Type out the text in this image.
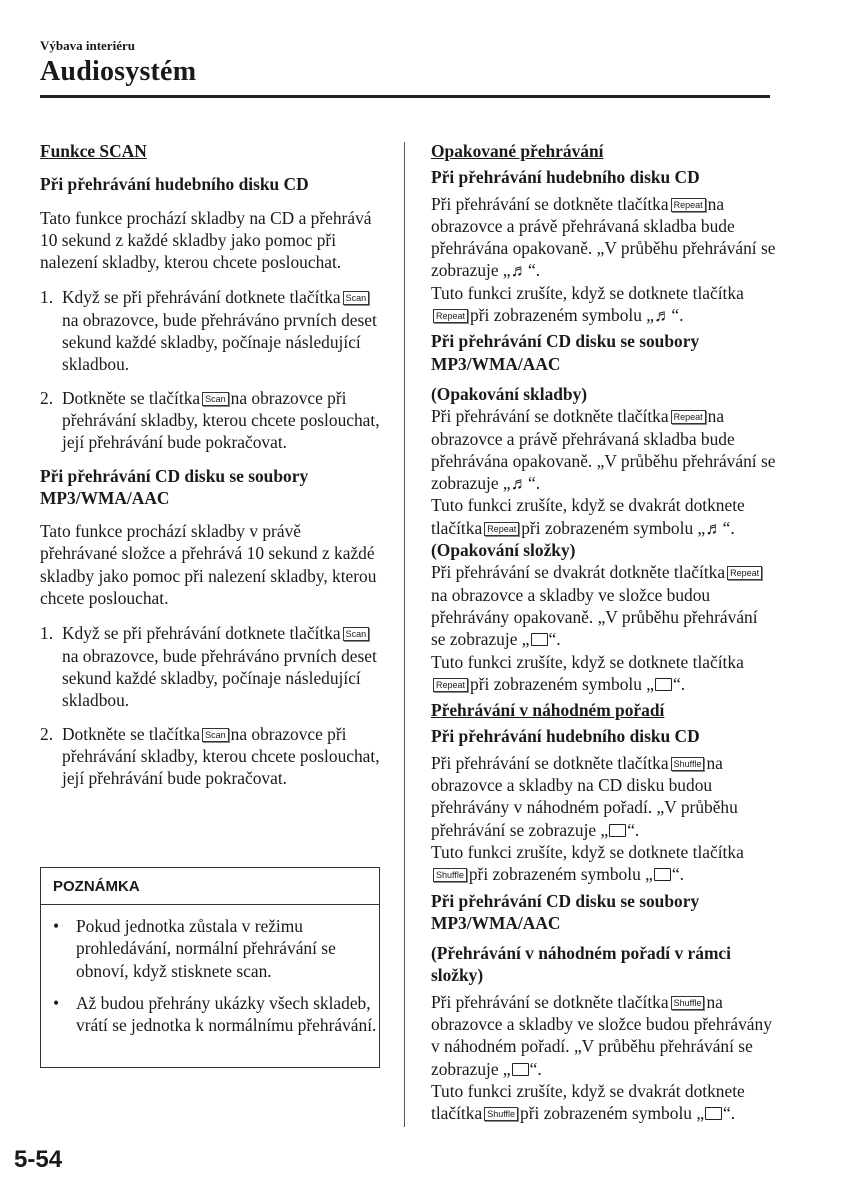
Výbava interiéru
Audiosystém

Funkce SCAN

Při přehrávání hudebního disku CD

Tato funkce prochází skladby na CD a přehrává 10 sekund z každé skladby jako pomoc při nalezení skladby, kterou chcete poslouchat.

1. Když se při přehrávání dotknete tlačítka Scanna obrazovce, bude přehráváno prvních deset sekund každé skladby, počínaje následující skladbou.
2. Dotkněte se tlačítka Scan na obrazovce při přehrávání skladby, kterou chcete poslouchat, její přehrávání bude pokračovat.

Při přehrávání CD disku se soubory MP3/WMA/AAC

Tato funkce prochází skladby v právě přehrávané složce a přehrává 10 sekund z každé skladby jako pomoc při nalezení skladby, kterou chcete poslouchat.

1. Když se při přehrávání dotknete tlačítka Scanna obrazovce, bude přehráváno prvních deset sekund každé skladby, počínaje následující skladbou.
2. Dotkněte se tlačítka Scan na obrazovce při přehrávání skladby, kterou chcete poslouchat, její přehrávání bude pokračovat.
POZNÁMKA
• Pokud jednotka zůstala v režimu prohledávání, normální přehrávání se obnoví, když stisknete scan.
• Až budou přehrány ukázky všech skladeb, vrátí se jednotka k normálnímu přehrávání.

Opakované přehrávání

Při přehrávání hudebního disku CD

Při přehrávání se dotkněte tlačítka Repeat na obrazovce a právě přehrávaná skladba bude přehrávána opakovaně. „V průběhu přehrávání se zobrazuje „♬“.
Tuto funkci zrušíte, když se dotknete tlačítkaRepeat při zobrazeném symbolu „♬“.

Při přehrávání CD disku se soubory MP3/WMA/AAC

(Opakování skladby)

Při přehrávání se dotkněte tlačítka Repeat na obrazovce a právě přehrávaná skladba bude přehrávána opakovaně. „V průběhu přehrávání se zobrazuje „♬“.
Tuto funkci zrušíte, když se dvakrát dotknete tlačítka Repeat při zobrazeném symbolu „♬“.

(Opakování složky)

Při přehrávání se dvakrát dotkněte tlačítka Repeatna obrazovce a skladby ve složce budou přehrávány opakovaně. „V průběhu přehrávání se zobrazuje „ “.
Tuto funkci zrušíte, když se dotknete tlačítkaRepeat při zobrazeném symbolu „ “.

Přehrávání v náhodném pořadí

Při přehrávání hudebního disku CD

Při přehrávání se dotkněte tlačítka Shuffle na obrazovce a skladby na CD disku budou přehrávány v náhodném pořadí. „V průběhu přehrávání se zobrazuje „ “.
Tuto funkci zrušíte, když se dotknete tlačítkaShuffle při zobrazeném symbolu „ “.

Při přehrávání CD disku se soubory MP3/WMA/AAC

(Přehrávání v náhodném pořadí v rámci složky)

Při přehrávání se dotkněte tlačítka Shuffle na obrazovce a skladby ve složce budou přehrávány v náhodném pořadí. „V průběhu přehrávání se zobrazuje „ “.
Tuto funkci zrušíte, když se dvakrát dotknete tlačítka Shuffle při zobrazeném symbolu „ “.

5-54
